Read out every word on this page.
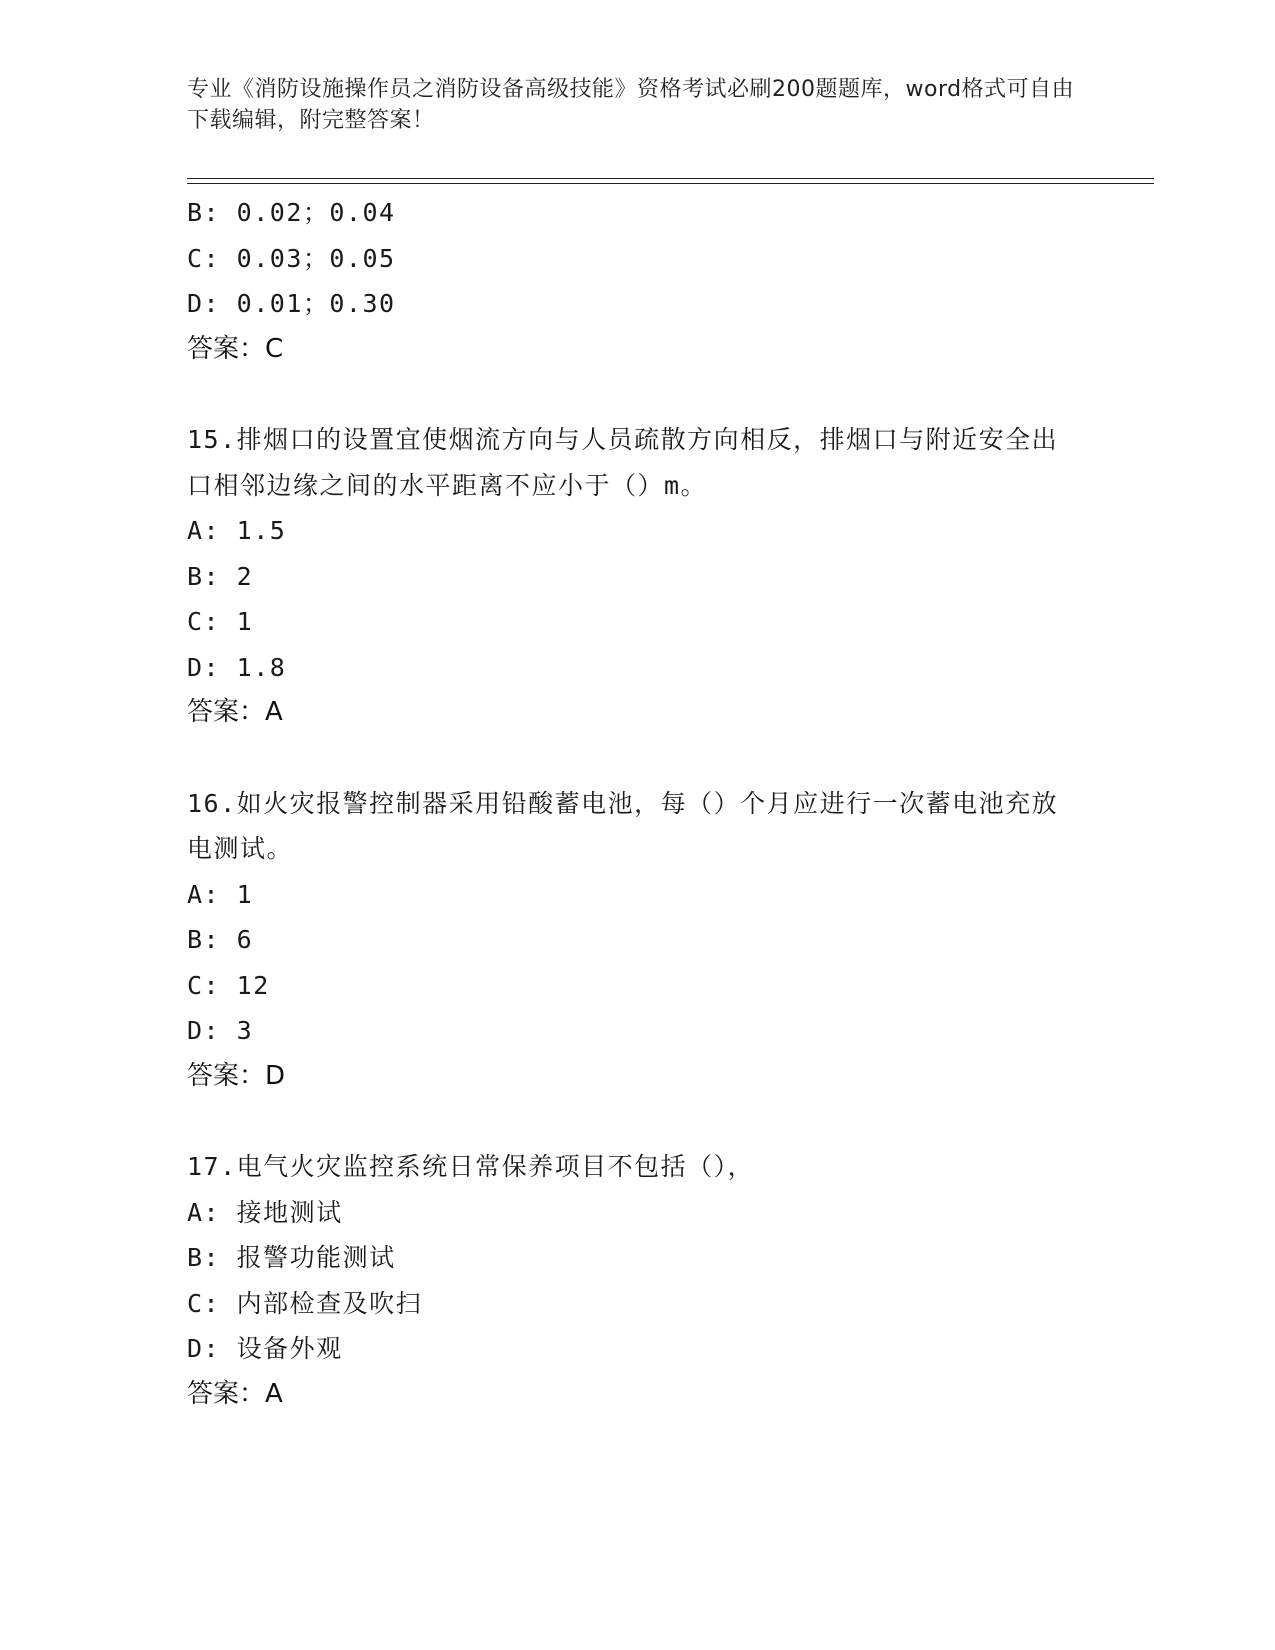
专业《消防设施操作员之消防设备高级技能》资格考试必刷200题题库，word格式可自由下载编辑，附完整答案！
B: 0.02；0.04
C: 0.03；0.05
D: 0.01；0.30
答案：C
15.排烟口的设置宜使烟流方向与人员疏散方向相反，排烟口与附近安全出口相邻边缘之间的水平距离不应小于（）m。
A: 1.5
B: 2
C: 1
D: 1.8
答案：A
16.如火灾报警控制器采用铅酸蓄电池，每（）个月应进行一次蓄电池充放电测试。
A: 1
B: 6
C: 12
D: 3
答案：D
17.电气火灾监控系统日常保养项目不包括（），
A: 接地测试
B: 报警功能测试
C: 内部检查及吹扫
D: 设备外观
答案：A
